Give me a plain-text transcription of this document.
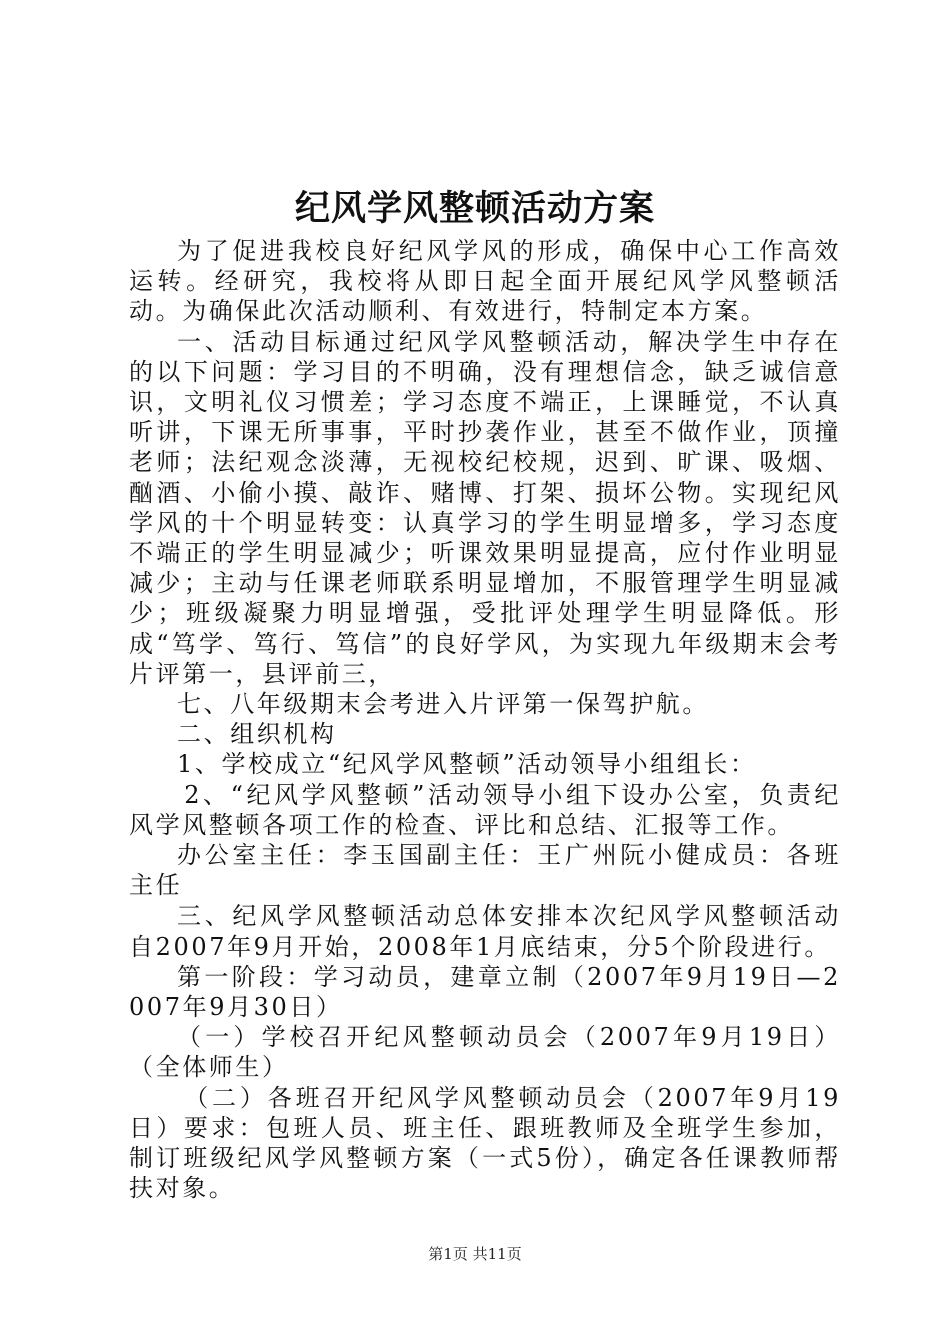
纪风学风整顿活动方案

为了促进我校良好纪风学风的形成，确保中心工作高效运转。经研究，我校将从即日起全面开展纪风学风整顿活动。为确保此次活动顺利、有效进行，特制定本方案。

一、活动目标通过纪风学风整顿活动，解决学生中存在的以下问题：学习目的不明确，没有理想信念，缺乏诚信意识，文明礼仪习惯差；学习态度不端正，上课睡觉，不认真听讲，下课无所事事，平时抄袭作业，甚至不做作业，顶撞老师；法纪观念淡薄，无视校纪校规，迟到、旷课、吸烟、酗酒、小偷小摸、敲诈、赌博、打架、损坏公物。实现纪风学风的十个明显转变：认真学习的学生明显增多，学习态度不端正的学生明显减少；听课效果明显提高，应付作业明显减少；主动与任课老师联系明显增加，不服管理学生明显减少；班级凝聚力明显增强，受批评处理学生明显降低。形成“笃学、笃行、笃信”的良好学风，为实现九年级期末会考片评第一，县评前三，

七、八年级期末会考进入片评第一保驾护航。

二、组织机构

1、学校成立“纪风学风整顿”活动领导小组组长：

2、“纪风学风整顿”活动领导小组下设办公室，负责纪风学风整顿各项工作的检查、评比和总结、汇报等工作。

办公室主任：李玉国副主任：王广州阮小健成员：各班主任

三、纪风学风整顿活动总体安排本次纪风学风整顿活动自2007年9月开始，2008年1月底结束，分5个阶段进行。

第一阶段：学习动员，建章立制（2007年9月19日—2007年9月30日）

（一）学校召开纪风整顿动员会（2007年9月19日）（全体师生）

（二）各班召开纪风学风整顿动员会（2007年9月19日）要求：包班人员、班主任、跟班教师及全班学生参加，制订班级纪风学风整顿方案（一式5份），确定各任课教师帮扶对象。

第1页 共11页
